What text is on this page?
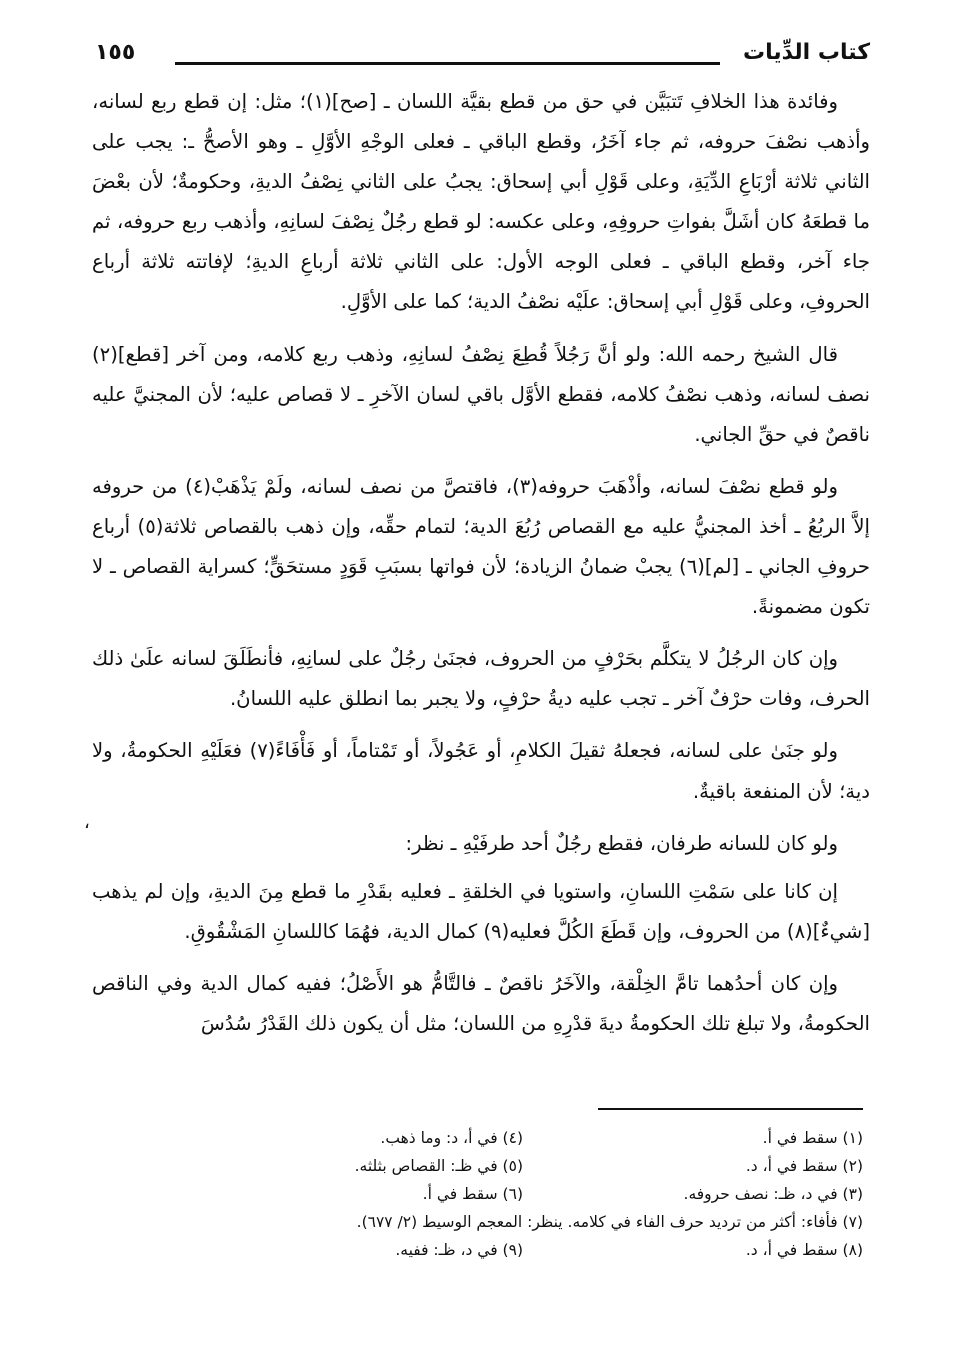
كتاب الدِّيات
١٥٥

وفائدة هذا الخلافِ تَتبَيَّن في حق من قطع بقيَّة اللسان ـ [صح](١)؛ مثل: إن قطع ربع لسانه، وأذهب نصْفَ حروفه، ثم جاء آخَرُ، وقطع الباقي ـ فعلى الوجْهِ الأوَّلِ ـ وهو الأصحُّ ـ: يجب على الثاني ثلاثة أرْبَاعِ الدِّيَةِ، وعلى قَوْلِ أبي إسحاق: يجبُ على الثاني نِصْفُ الديةِ، وحكومةٌ؛ لأن بعْضَ ما قطعَهُ كان أشَلَّ بفواتِ حروفِهِ، وعلى عكسه: لو قطع رجُلٌ نِصْفَ لسانِهِ، وأذهب ربع حروفه، ثم جاء آخر، وقطع الباقي ـ فعلى الوجه الأول: على الثاني ثلاثة أرباعِ الديةِ؛ لإفاتته ثلاثة أرباع الحروفِ، وعلى قَوْلِ أبي إسحاق: علَيْه نصْفُ الدية؛ كما على الأوَّلِ.

قال الشيخ رحمه الله: ولو أنَّ رَجُلاً قُطِعَ نِصْفُ لسانِهِ، وذهب ربع كلامه، ومن آخر [قطع](٢) نصف لسانه، وذهب نصْفُ كلامه، فقطع الأوَّل باقي لسان الآخرِ ـ لا قصاص عليه؛ لأن المجنيَّ عليه ناقصٌ في حقِّ الجاني.

ولو قطع نصْفَ لسانه، وأذْهَبَ حروفه(٣)، فاقتصَّ من نصف لسانه، ولَمْ يَذْهَبْ(٤) من حروفه إلاَّ الربُعُ ـ أخذ المجنيُّ عليه مع القصاص رُبُعَ الدية؛ لتمام حقِّه، وإن ذهب بالقصاص ثلاثة(٥) أرباع حروفِ الجاني ـ [لم](٦) يجبْ ضمانُ الزيادة؛ لأن فواتها بسبَبِ قَوَدٍ مستحَقٍّ؛ كسراية القصاص ـ لا تكون مضمونةً.

وإن كان الرجُلُ لا يتكلَّم بحَرْفٍ من الحروف، فجنَىٰ رجُلٌ على لسانِهِ، فأنطَلَقَ لسانه علَىٰ ذلك الحرف، وفات حرْفٌ آخر ـ تجب عليه ديةُ حرْفٍ، ولا يجبر بما انطلق عليه اللسانُ.

ولو جنَىٰ على لسانه، فجعلهُ ثقيلَ الكلامِ، أو عَجُولاً، أو تَمْتاماً، أو فَأْفَاءً(٧) فعَلَيْهِ الحكومةُ، ولا دية؛ لأن المنفعة باقيةٌ.

ولو كان للسانه طرفان، فقطع رجُلٌ أحد طرفَيْهِ ـ نظر:

إن كانا على سَمْتِ اللسانِ، واستويا في الخلقةِ ـ فعليه بقَدْرِ ما قطع مِنَ الديةِ، وإن لم يذهب [شيءٌ](٨) من الحروف، وإن قَطَعَ الكُلَّ فعليه(٩) كمال الدية، فهُمَا كاللسانِ المَشْقُوقِ.

وإن كان أحدُهما تامَّ الخِلْقة، والآخَرُ ناقصٌ ـ فالتَّامُّ هو الأَصْلُ؛ ففيه كمال الدية وفي الناقص الحكومةُ، ولا تبلغ تلك الحكومةُ ديةَ قدْرِهِ من اللسان؛ مثل أن يكون ذلك القَدْرُ سُدُسَ

،
(١) سقط في أ.
(٤) في أ، د: وما ذهب.
(٢) سقط في أ، د.
(٥) في ظـ: القصاص بثلثه.
(٣) في د، ظـ: نصف حروفه.
(٦) سقط في أ.
(٧) فأفاء: أكثر من ترديد حرف الفاء في كلامه. ينظر: المعجم الوسيط (٢/ ٦٧٧).
(٨) سقط في أ، د.
(٩) في د، ظـ: ففيه.
